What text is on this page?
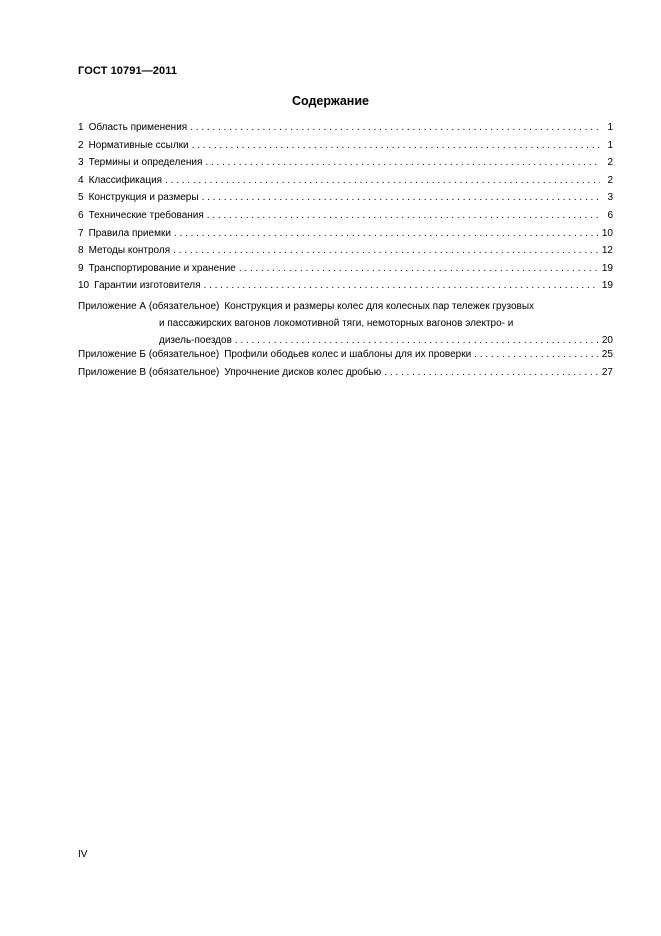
ГОСТ 10791—2011
Содержание
1 Область применения . . .	1
2 Нормативные ссылки . . .	1
3 Термины и определения . . .	2
4 Классификация . . .	2
5 Конструкция и размеры . . .	3
6 Технические требования . . .	6
7 Правила приемки . . .	10
8 Методы контроля . . .	12
9 Транспортирование и хранение . . .	19
10 Гарантии изготовителя . . .	19
Приложение А (обязательное) Конструкция и размеры колес для колесных пар тележек грузовых
и пассажирских вагонов локомотивной тяги, немоторных вагонов электро- и
дизель-поездов . . .	20
Приложение Б (обязательное) Профили ободьев колес и шаблоны для их проверки . . .	25
Приложение В (обязательное) Упрочнение дисков колес дробью . . .	27
IV
